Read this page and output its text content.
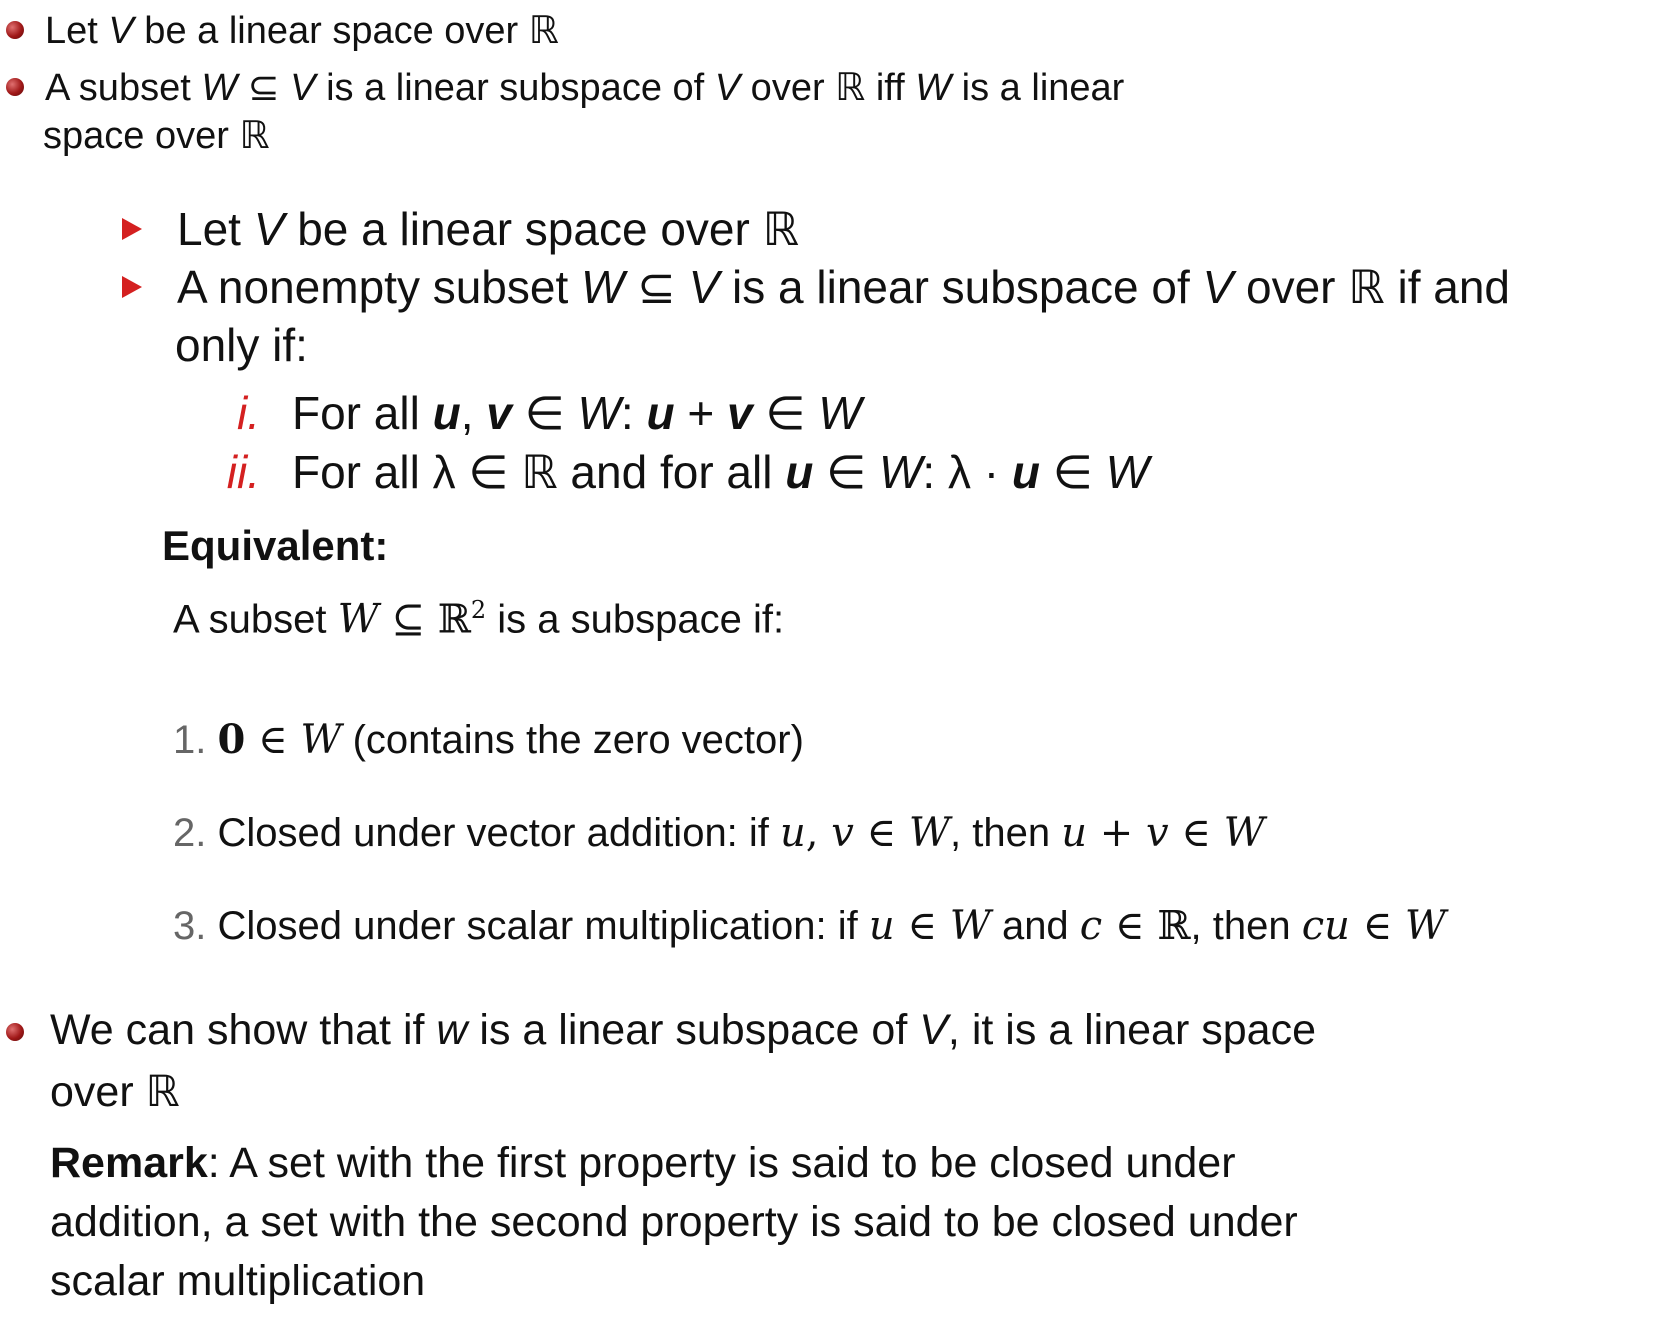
Let V be a linear space over ℝ
A subset W ⊆ V is a linear subspace of V over ℝ iff W is a linear
space over ℝ
Let V be a linear space over ℝ
A nonempty subset W ⊆ V is a linear subspace of V over ℝ if and
only if:
i. For all u, v ∈ W: u + v ∈ W
ii. For all λ ∈ ℝ and for all u ∈ W: λ · u ∈ W
Equivalent:
A subset W ⊆ ℝ$^2$ is a subspace if:
1. 0 ∈ W (contains the zero vector)
2. Closed under vector addition: if u, v ∈ W, then u + v ∈ W
3. Closed under scalar multiplication: if u ∈ W and c ∈ ℝ, then cu ∈ W
We can show that if w is a linear subspace of V, it is a linear space
over ℝ
Remark: A set with the first property is said to be closed under
addition, a set with the second property is said to be closed under
scalar multiplication
